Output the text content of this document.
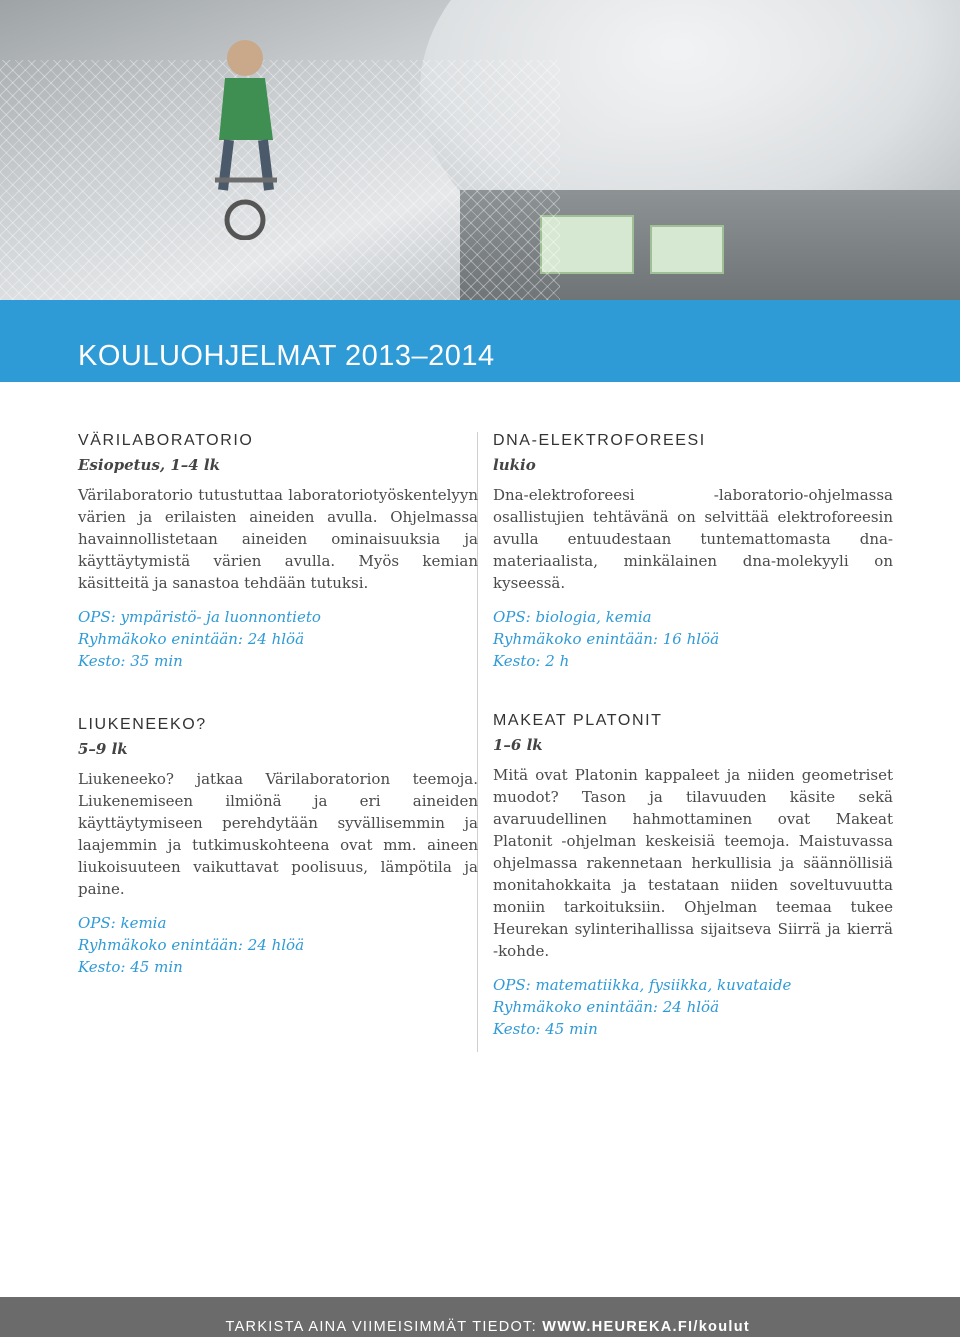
KOULUOHJELMAT 2013–2014
VÄRILABORATORIO

Esiopetus, 1–4 lk

Värilaboratorio tutustuttaa laboratoriotyöskentelyyn värien ja erilaisten aineiden avulla. Ohjelmassa havainnollistetaan aineiden ominaisuuksia ja käyttäytymistä värien avulla. Myös kemian käsitteitä ja sanastoa tehdään tutuksi.

OPS: ympäristö- ja luonnontieto
Ryhmäkoko enintään: 24 hlöä
Kesto: 35 min
LIUKENEEKO?

5–9 lk

Liukeneeko? jatkaa Värilaboratorion teemoja. Liukenemiseen ilmiönä ja eri aineiden käyttäytymiseen perehdytään syvällisemmin ja laajemmin ja tutkimuskohteena ovat mm. aineen liukoisuuteen vaikuttavat poolisuus, lämpötila ja paine.

OPS: kemia
Ryhmäkoko enintään: 24 hlöä
Kesto: 45 min
DNA-ELEKTROFOREESI

lukio

Dna-elektroforeesi -laboratorio-ohjelmassa osallistujien tehtävänä on selvittää elektroforeesin avulla entuudestaan tuntemattomasta dna-materiaalista, minkälainen dna-molekyyli on kyseessä.

OPS: biologia, kemia
Ryhmäkoko enintään: 16 hlöä
Kesto: 2 h
MAKEAT PLATONIT

1–6 lk

Mitä ovat Platonin kappaleet ja niiden geometriset muodot? Tason ja tilavuuden käsite sekä avaruudellinen hahmottaminen ovat Makeat Platonit -ohjelman keskeisiä teemoja. Maistuvassa ohjelmassa rakennetaan herkullisia ja säännöllisiä monitahokkaita ja testataan niiden soveltuvuutta moniin tarkoituksiin. Ohjelman teemaa tukee Heurekan sylinterihallissa sijaitseva Siirrä ja kierrä -kohde.

OPS: matematiikka, fysiikka, kuvataide
Ryhmäkoko enintään: 24 hlöä
Kesto: 45 min

TARKISTA AINA VIIMEISIMMÄT TIEDOT: WWW.HEUREKA.FI/koulut
